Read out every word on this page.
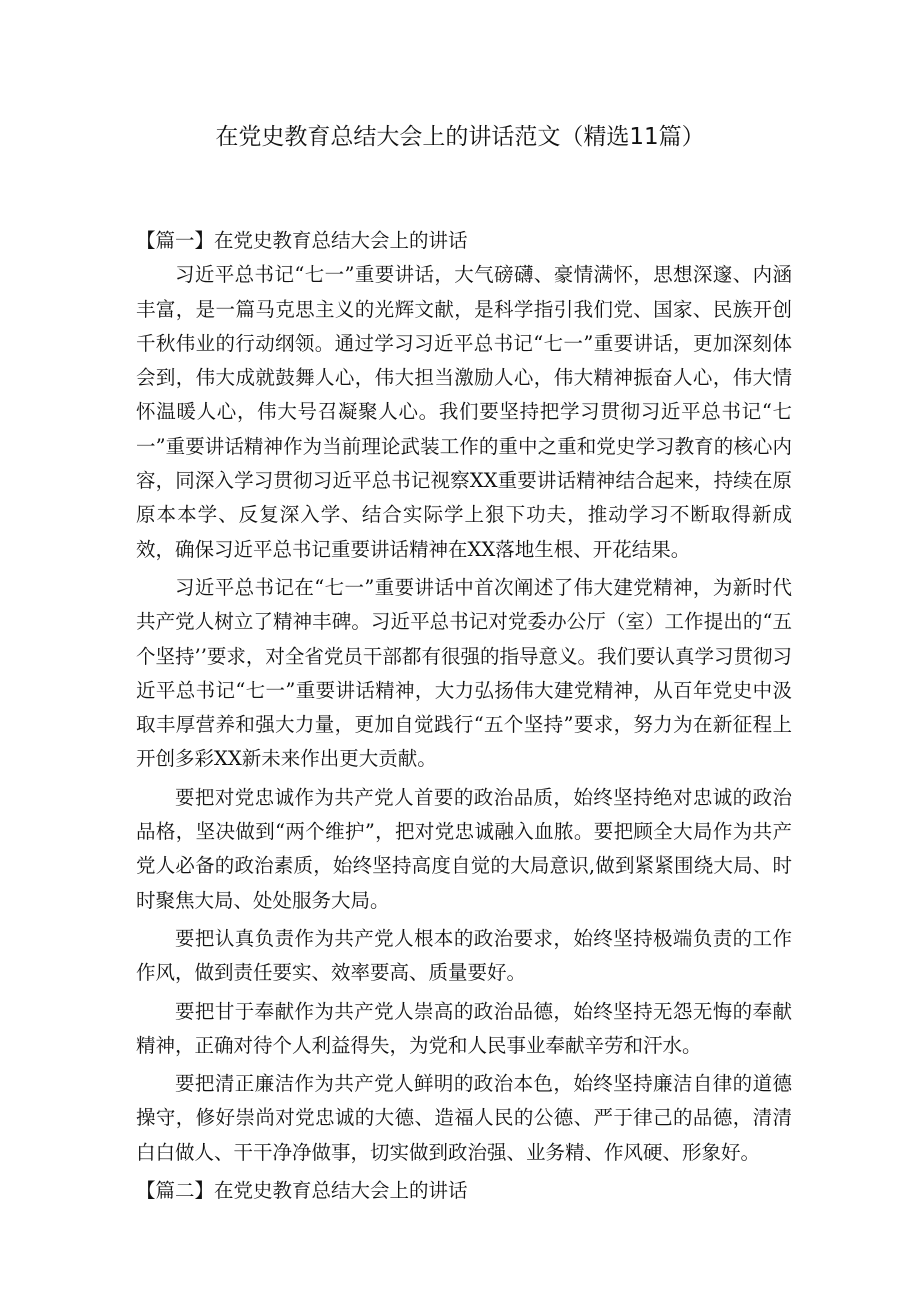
在党史教育总结大会上的讲话范文（精选11篇）

【篇一】在党史教育总结大会上的讲话

习近平总书记“七一”重要讲话，大气磅礴、豪情满怀，思想深邃、内涵丰富，是一篇马克思主义的光辉文献，是科学指引我们党、国家、民族开创千秋伟业的行动纲领。通过学习习近平总书记“七一”重要讲话，更加深刻体会到，伟大成就鼓舞人心，伟大担当激励人心，伟大精神振奋人心，伟大情怀温暖人心，伟大号召凝聚人心。我们要坚持把学习贯彻习近平总书记“七一”重要讲话精神作为当前理论武装工作的重中之重和党史学习教育的核心内容，同深入学习贯彻习近平总书记视察XX重要讲话精神结合起来，持续在原原本本学、反复深入学、结合实际学上狠下功夫，推动学习不断取得新成效，确保习近平总书记重要讲话精神在XX落地生根、开花结果。

习近平总书记在“七一”重要讲话中首次阐述了伟大建党精神，为新时代共产党人树立了精神丰碑。习近平总书记对党委办公厅（室）工作提出的“五个坚持’’要求，对全省党员干部都有很强的指导意义。我们要认真学习贯彻习近平总书记“七一”重要讲话精神，大力弘扬伟大建党精神，从百年党史中汲取丰厚营养和强大力量，更加自觉践行“五个坚持”要求，努力为在新征程上开创多彩XX新未来作出更大贡献。

要把对党忠诚作为共产党人首要的政治品质，始终坚持绝对忠诚的政治品格，坚决做到“两个维护”，把对党忠诚融入血脓。要把顾全大局作为共产党人必备的政治素质，始终坚持高度自觉的大局意识,做到紧紧围绕大局、时时聚焦大局、处处服务大局。

要把认真负责作为共产党人根本的政治要求，始终坚持极端负责的工作作风，做到责任要实、效率要高、质量要好。

要把甘于奉献作为共产党人崇高的政治品德，始终坚持无怨无悔的奉献精神，正确对待个人利益得失，为党和人民事业奉献辛劳和汗水。

要把清正廉洁作为共产党人鲜明的政治本色，始终坚持廉洁自律的道德操守，修好崇尚对党忠诚的大德、造福人民的公德、严于律己的品德，清清白白做人、干干净净做事，切实做到政治强、业务精、作风硬、形象好。

【篇二】在党史教育总结大会上的讲话
